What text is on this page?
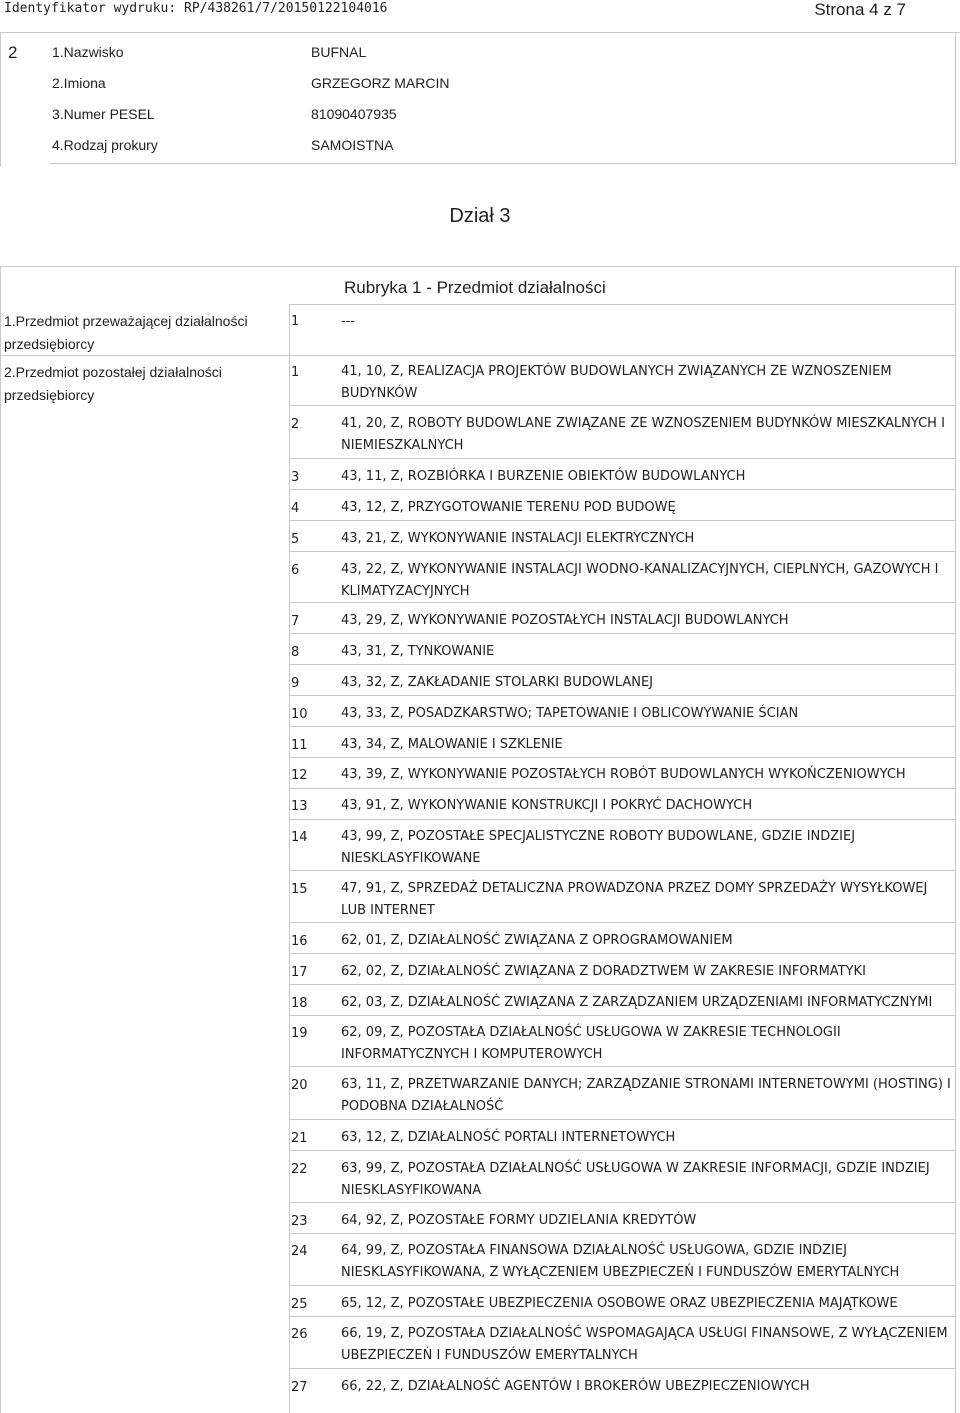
Identyfikator wydruku: RP/438261/7/20150122104016	Strona 4 z 7
2 1.Nazwisko	BUFNAL
2.Imiona	GRZEGORZ MARCIN
3.Numer PESEL	81090407935
4.Rodzaj prokury	SAMOISTNA
Dział 3
Rubryka 1 - Przedmiot działalności
1.Przedmiot przeważającej działalności przedsiębiorcy
1	---
2.Przedmiot pozostałej działalności przedsiębiorcy
1	41, 10, Z, REALIZACJA PROJEKTÓW BUDOWLANYCH ZWIĄZANYCH ZE WZNOSZENIEM BUDYNKÓW
2	41, 20, Z, ROBOTY BUDOWLANE ZWIĄZANE ZE WZNOSZENIEM BUDYNKÓW MIESZKALNYCH I NIEMIESZKALNYCH
3	43, 11, Z, ROZBIÓRKA I BURZENIE OBIEKTÓW BUDOWLANYCH
4	43, 12, Z, PRZYGOTOWANIE TERENU POD BUDOWĘ
5	43, 21, Z, WYKONYWANIE INSTALACJI ELEKTRYCZNYCH
6	43, 22, Z, WYKONYWANIE INSTALACJI WODNO-KANALIZACYJNYCH, CIEPLNYCH, GAZOWYCH I KLIMATYZACYJNYCH
7	43, 29, Z, WYKONYWANIE POZOSTAŁYCH INSTALACJI BUDOWLANYCH
8	43, 31, Z, TYNKOWANIE
9	43, 32, Z, ZAKŁADANIE STOLARKI BUDOWLANEJ
10	43, 33, Z, POSADZKARSTWO; TAPETOWANIE I OBLICOWYWANIE ŚCIAN
11	43, 34, Z, MALOWANIE I SZKLENIE
12	43, 39, Z, WYKONYWANIE POZOSTAŁYCH ROBÓT BUDOWLANYCH WYKOŃCZENIOWYCH
13	43, 91, Z, WYKONYWANIE KONSTRUKCJI I POKRYĆ DACHOWYCH
14	43, 99, Z, POZOSTAŁE SPECJALISTYCZNE ROBOTY BUDOWLANE, GDZIE INDZIEJ NIESKLASYFIKOWANE
15	47, 91, Z, SPRZEDAŻ DETALICZNA PROWADZONA PRZEZ DOMY SPRZEDAŻY WYSYŁKOWEJ LUB INTERNET
16	62, 01, Z, DZIAŁALNOŚĆ ZWIĄZANA Z OPROGRAMOWANIEM
17	62, 02, Z, DZIAŁALNOŚĆ ZWIĄZANA Z DORADZTWEM W ZAKRESIE INFORMATYKI
18	62, 03, Z, DZIAŁALNOŚĆ ZWIĄZANA Z ZARZĄDZANIEM URZĄDZENIAMI INFORMATYCZNYMI
19	62, 09, Z, POZOSTAŁA DZIAŁALNOŚĆ USŁUGOWA W ZAKRESIE TECHNOLOGII INFORMATYCZNYCH I KOMPUTEROWYCH
20	63, 11, Z, PRZETWARZANIE DANYCH; ZARZĄDZANIE STRONAMI INTERNETOWYMI (HOSTING) I PODOBNA DZIAŁALNOŚĆ
21	63, 12, Z, DZIAŁALNOŚĆ PORTALI INTERNETOWYCH
22	63, 99, Z, POZOSTAŁA DZIAŁALNOŚĆ USŁUGOWA W ZAKRESIE INFORMACJI, GDZIE INDZIEJ NIESKLASYFIKOWANA
23	64, 92, Z, POZOSTAŁE FORMY UDZIELANIA KREDYTÓW
24	64, 99, Z, POZOSTAŁA FINANSOWA DZIAŁALNOŚĆ USŁUGOWA, GDZIE INDZIEJ NIESKLASYFIKOWANA, Z WYŁĄCZENIEM UBEZPIECZEŃ I FUNDUSZÓW EMERYTALNYCH
25	65, 12, Z, POZOSTAŁE UBEZPIECZENIA OSOBOWE ORAZ UBEZPIECZENIA MAJĄTKOWE
26	66, 19, Z, POZOSTAŁA DZIAŁALNOŚĆ WSPOMAGAJĄCA USŁUGI FINANSOWE, Z WYŁĄCZENIEM UBEZPIECZEŃ I FUNDUSZÓW EMERYTALNYCH
27	66, 22, Z, DZIAŁALNOŚĆ AGENTÓW I BROKERÓW UBEZPIECZENIOWYCH
